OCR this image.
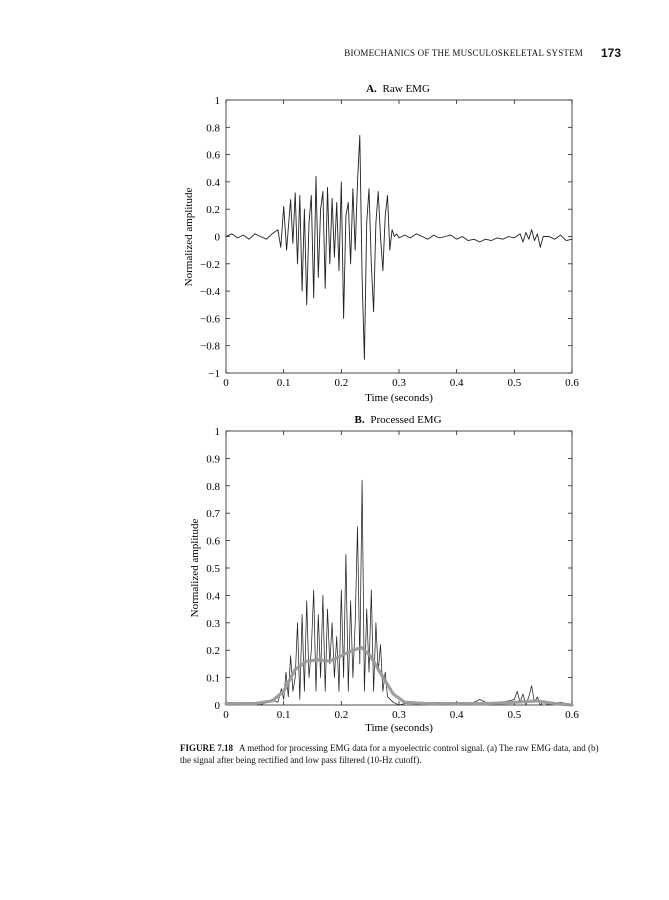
BIOMECHANICS OF THE MUSCULOSKELETAL SYSTEM 173
A. Raw EMG
0	0.1	0.2	0.3	0.4	0.5	0.6
1
0.8
0.6
0.4
0.2
0
−0.2
−0.4
−0.6
−0.8
−1
Time (seconds)
Normalized amplitude
B. Processed EMG
0	0.1	0.2	0.3	0.4	0.5	0.6
1
0.9
0.8
0.7
0.6
0.5
0.4
0.3
0.2
0.1
0
Time (seconds)
Normalized amplitude
FIGURE 7.18 A method for processing EMG data for a myoelectric control signal. (a) The raw EMG data, and (b) the signal after being rectified and low pass filtered (10-Hz cutoff).
